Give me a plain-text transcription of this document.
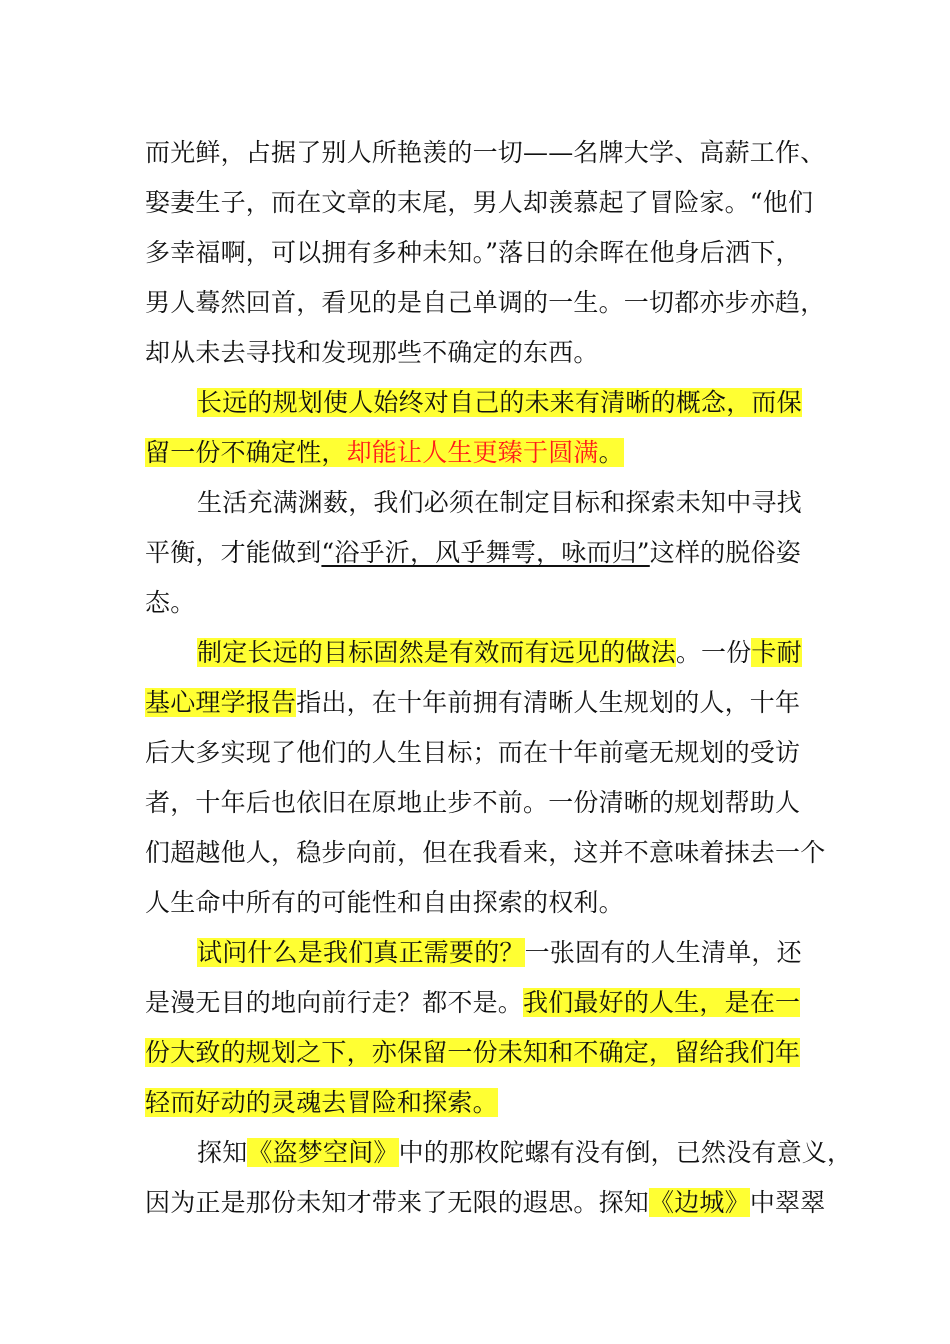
而光鲜，占据了别人所艳羡的一切——名牌大学、高薪工作、
娶妻生子，而在文章的末尾，男人却羡慕起了冒险家。“他们
多幸福啊，可以拥有多种未知。”落日的余晖在他身后洒下，
男人蓦然回首，看见的是自己单调的一生。一切都亦步亦趋，
却从未去寻找和发现那些不确定的东西。
长远的规划使人始终对自己的未来有清晰的概念，而保
留一份不确定性，却能让人生更臻于圆满。
生活充满渊薮，我们必须在制定目标和探索未知中寻找
平衡，才能做到“浴乎沂，风乎舞雩，咏而归”这样的脱俗姿
态。
制定长远的目标固然是有效而有远见的做法。一份卡耐
基心理学报告指出，在十年前拥有清晰人生规划的人，十年
后大多实现了他们的人生目标；而在十年前毫无规划的受访
者，十年后也依旧在原地止步不前。一份清晰的规划帮助人
们超越他人，稳步向前，但在我看来，这并不意味着抹去一个
人生命中所有的可能性和自由探索的权利。
试问什么是我们真正需要的？一张固有的人生清单，还
是漫无目的地向前行走？都不是。我们最好的人生，是在一
份大致的规划之下，亦保留一份未知和不确定，留给我们年
轻而好动的灵魂去冒险和探索。
探知《盗梦空间》中的那枚陀螺有没有倒，已然没有意义，
因为正是那份未知才带来了无限的遐思。探知《边城》中翠翠
